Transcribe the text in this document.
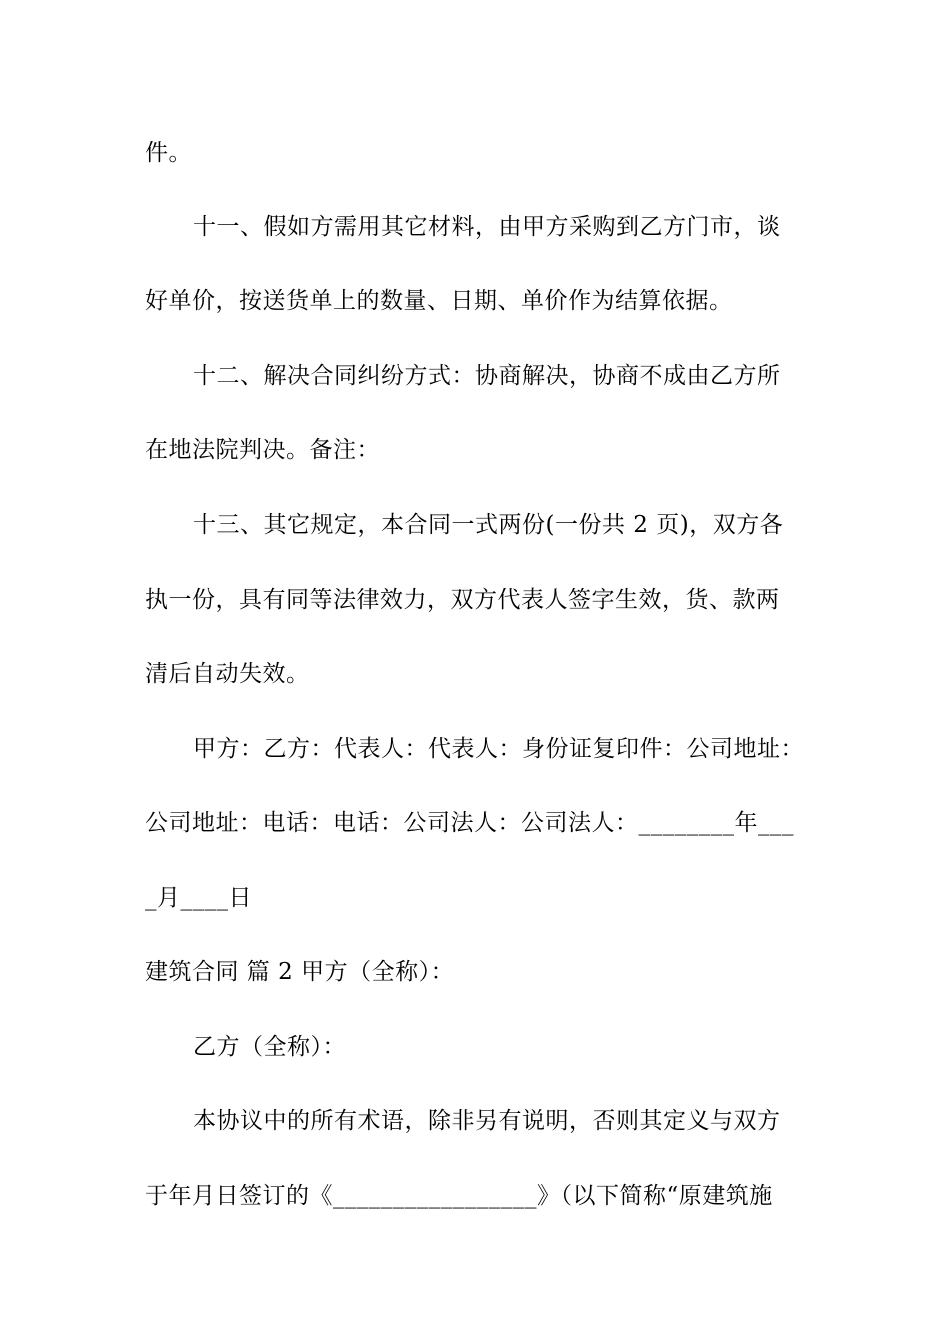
件。
十一、假如方需用其它材料，由甲方采购到乙方门市，谈
好单价，按送货单上的数量、日期、单价作为结算依据。
十二、解决合同纠纷方式：协商解决，协商不成由乙方所
在地法院判决。备注：
十三、其它规定，本合同一式两份(一份共 2 页)，双方各
执一份，具有同等法律效力，双方代表人签字生效，货、款两
清后自动失效。
甲方：乙方：代表人：代表人：身份证复印件：公司地址：
公司地址：电话：电话：公司法人：公司法人：________年___
_月____日
建筑合同 篇 2 甲方（全称）：
乙方（全称）：
本协议中的所有术语，除非另有说明，否则其定义与双方
于年月日签订的《_________________》（以下简称“原建筑施
